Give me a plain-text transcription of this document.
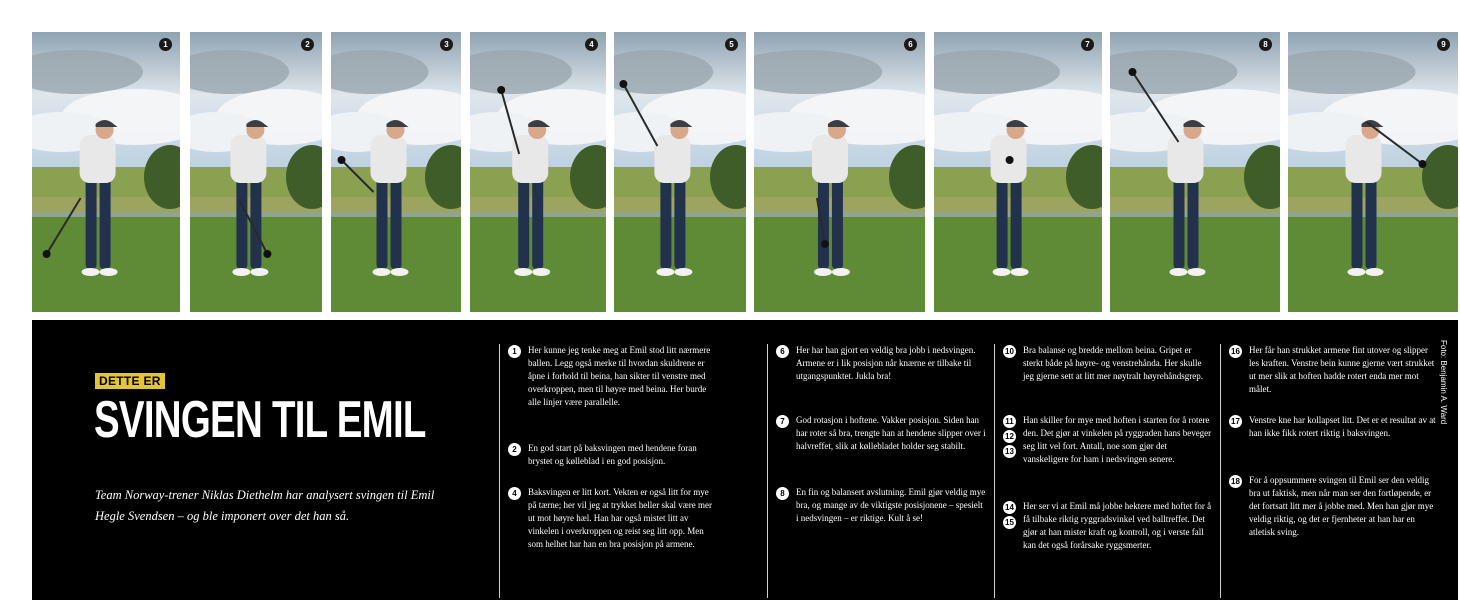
1	2	3	4	5	6	7	8	9
DETTE ER
SVINGEN TIL EMIL
Team Norway-trener Niklas Diethelm har analysert svingen til Emil Hegle Svendsen – og ble imponert over det han så.
Foto: Benjamin A. Ward
1	Her kunne jeg tenke meg at Emil stod litt nærmere ballen. Legg også merke til hvordan skuldrene er åpne i forhold til beina, han sikter til venstre med overkroppen, men til høyre med beina. Her burde alle linjer være parallelle.
2	En god start på baksvingen med hendene foran brystet og kølleblad i en god posisjon.
4	Baksvingen er litt kort. Vekten er også litt for mye på tærne; her vil jeg at trykket heller skal være mer ut mot høyre hæl. Han har også mistet litt av vinkelen i overkroppen og reist seg litt opp. Men som helhet har han en bra posisjon på armene.
6	Her har han gjort en veldig bra jobb i nedsvingen. Armene er i lik posisjon når knærne er tilbake til utgangspunktet. Jukla bra!
7	God rotasjon i hoftene. Vakker posisjon. Siden han har roter så bra, trengte han at hendene slipper over i halvreffet, slik at køllebladet holder seg stabilt.
8	En fin og balansert avslutning. Emil gjør veldig mye bra, og mange av de viktigste posisjonene – spesielt i nedsvingen – er riktige. Kult å se!
10 Bra balanse og bredde mellom beina. Gripet er sterkt både på høyre- og venstrehånda. Her skulle jeg gjerne sett at litt mer nøytralt høyrehåndsgrep.
11
12
13
Han skiller for mye med hoften i starten for å rotere den. Det gjør at vinkelen på ryggraden hans beveger seg litt vel fort. Antall, noe som gjør det vanskeligere for ham i nedsvingen senere.
14
15
Her ser vi at Emil må jobbe hektere med hoftet for å få tilbake riktig ryggradsvinkel ved balltreffet. Det gjør at han mister kraft og kontroll, og i verste fall kan det også forårsake ryggsmerter.
16 Her får han strukket armene fint utover og slipper les kraften. Venstre bein kunne gjerne vært strukket ut mer slik at hoften hadde rotert enda mer mot målet.
17 Venstre kne har kollapset litt. Det er et resultat av at han ikke fikk rotert riktig i baksvingen.
18 For å oppsummere svingen til Emil ser den veldig bra ut faktisk, men når man ser den fortløpende, er det fortsatt litt mer å jobbe med. Men han gjør mye veldig riktig, og det er fjernheter at han har en atletisk sving.
